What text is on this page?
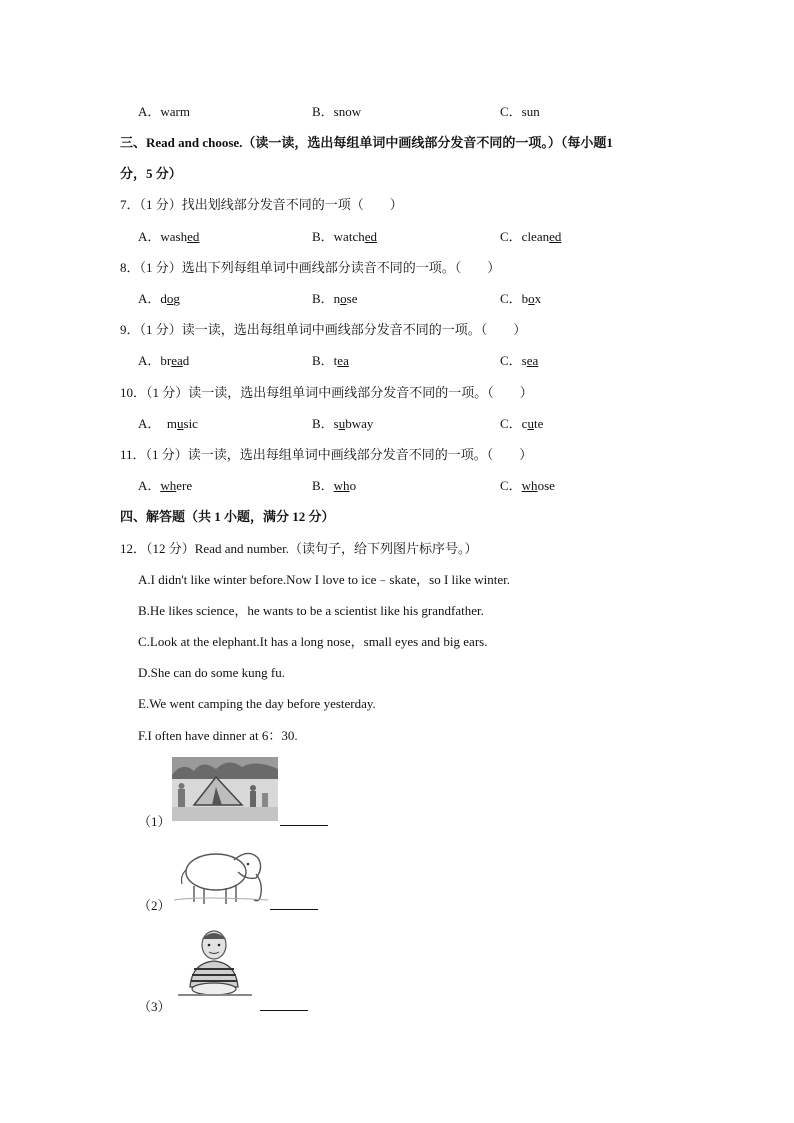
A．warm	B．snow	C．sun
三、Read and choose.（读一读，选出每组单词中画线部分发音不同的一项。）（每小题1
分，5 分）
7．（1 分）找出划线部分发音不同的一项（　　）
A．washed	B．watched	C．cleaned
8．（1 分）选出下列每组单词中画线部分读音不同的一项。（　　）
A．dog	B．nose	C．box
9．（1 分）读一读，选出每组单词中画线部分发音不同的一项。（　　）
A．bread	B．tea	C．sea
10．（1 分）读一读，选出每组单词中画线部分发音不同的一项。（　　）
A．　music	B．subway	C．cute
11．（1 分）读一读，选出每组单词中画线部分发音不同的一项。（　　）
A．where	B．who	C．whose
四、解答题（共 1 小题，满分 12 分）
12．（12 分）Read and number.（读句子，给下列图片标序号。）
A.I didn't like winter before.Now I love to ice﹣skate，so I like winter.
B.He likes science，he wants to be a scientist like his grandfather.
C.Look at the elephant.It has a long nose，small eyes and big ears.
D.She can do some kung fu.
E.We went camping the day before yesterday.
F.I often have dinner at 6：30.
（1）
（2）
（3）
